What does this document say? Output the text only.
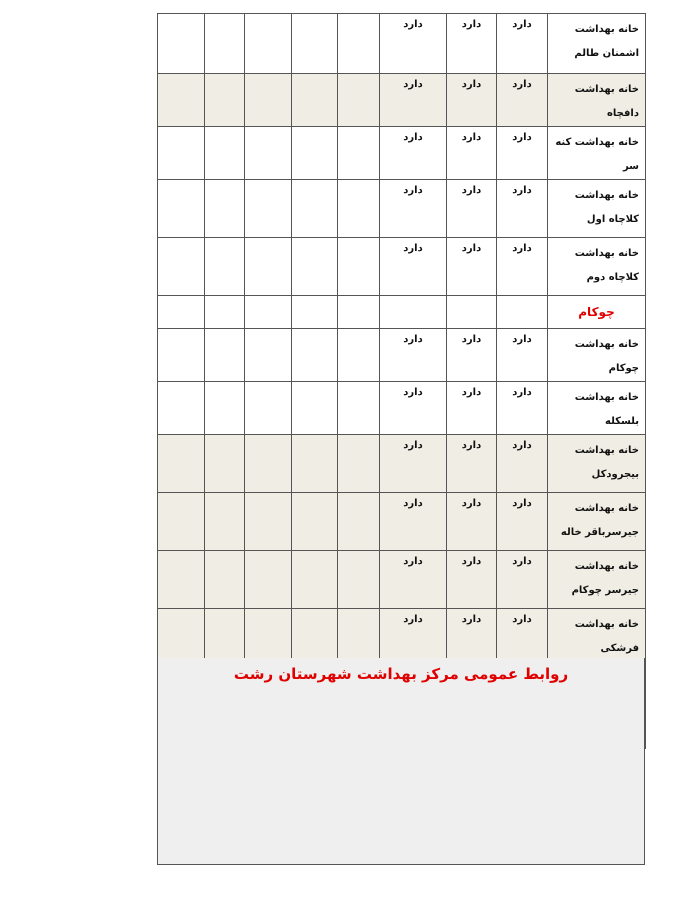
خانه بهداشت اشمنان طالم	دارد	دارد	دارد					
خانه بهداشت دافچاه	دارد	دارد	دارد					
خانه بهداشت کنه سر	دارد	دارد	دارد					
خانه بهداشت کلاچاه اول	دارد	دارد	دارد					
خانه بهداشت کلاچاه دوم	دارد	دارد	دارد					
چوکام								
خانه بهداشت چوکام	دارد	دارد	دارد					
خانه بهداشت بلسکله	دارد	دارد	دارد					
خانه بهداشت بیجرودکل	دارد	دارد	دارد					
خانه بهداشت جیرسرباقر خاله	دارد	دارد	دارد					
خانه بهداشت جیرسر چوکام	دارد	دارد	دارد					
خانه بهداشت فرشکی	دارد	دارد	دارد					

روابط عمومی مرکز بهداشت شهرستان رشت
